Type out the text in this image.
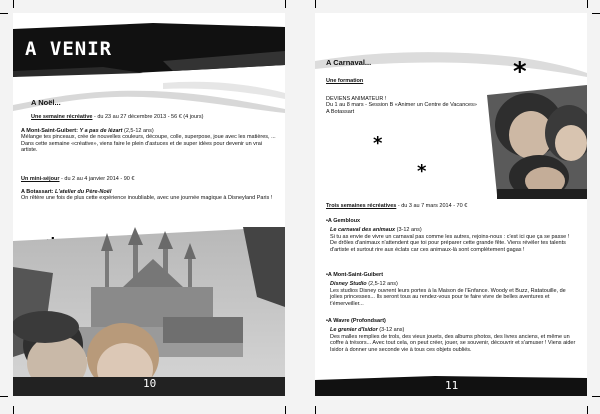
A VENIR

A Noël...

Une semaine récréative - du 23 au 27 décembre 2013 - 56 € (4 jours)

A Mont-Saint-Guibert: Y a pas de lézart (2,5-12 ans)
Mélange tes pinceaux, crée de nouvelles couleurs, découpe, colle, superpose, joue avec les matières, ... Dans cette semaine «créative», viens faire le plein d'astuces et de super idées pour devenir un vrai artiste.

Un mini-séjour - du 2 au 4 janvier 2014 - 90 €

A Botassart: L'atelier du Père-Noël
On rêtère une fois de plus cette expérience inoubliable, avec une journée magique à Disneyland Paris !
10

A Carnaval...	*

Une formation

DEVIENS ANIMATEUR !
Du 1 au 8 mars - Session B «Animer un Centre de Vacances»
A Botassart
*
*

Trois semaines récréatives - du 3 au 7 mars 2014 - 70 €

•A Gembloux
Le carnaval des animaux (3-12 ans)
Si tu as envie de vivre un carnaval pas comme les autres, rejoins-nous : c'est ici que ça se passe ! De drôles d'animaux n'attendent que toi pour préparer cette grande fête. Viens révéler tes talents d'artiste et surtout rire aux éclats car ces animaux-là sont complètement gagas !
•A Mont-Saint-Guibert
Disney Studio (2,5-12 ans)
Les studios Disney ouvrent leurs portes à la Maison de l'Enfance. Woody et Buzz, Ratatouille, de jolies princesses... Ils seront tous au rendez-vous pour te faire vivre de belles aventures et t'émerveiller...
•A Wavre (Profondsart)
Le grenier d'Isidor (3-12 ans)
Des malles remplies de trols, des vieux jouets, des albums photos, des livres anciens, et même un coffre à trésors... Avec tout cela, on peut créer, jouer, se souvenir, découvrir et s'amuser ! Viens aider Isidor à donner une seconde vie à tous ces objets oubliés.
11
